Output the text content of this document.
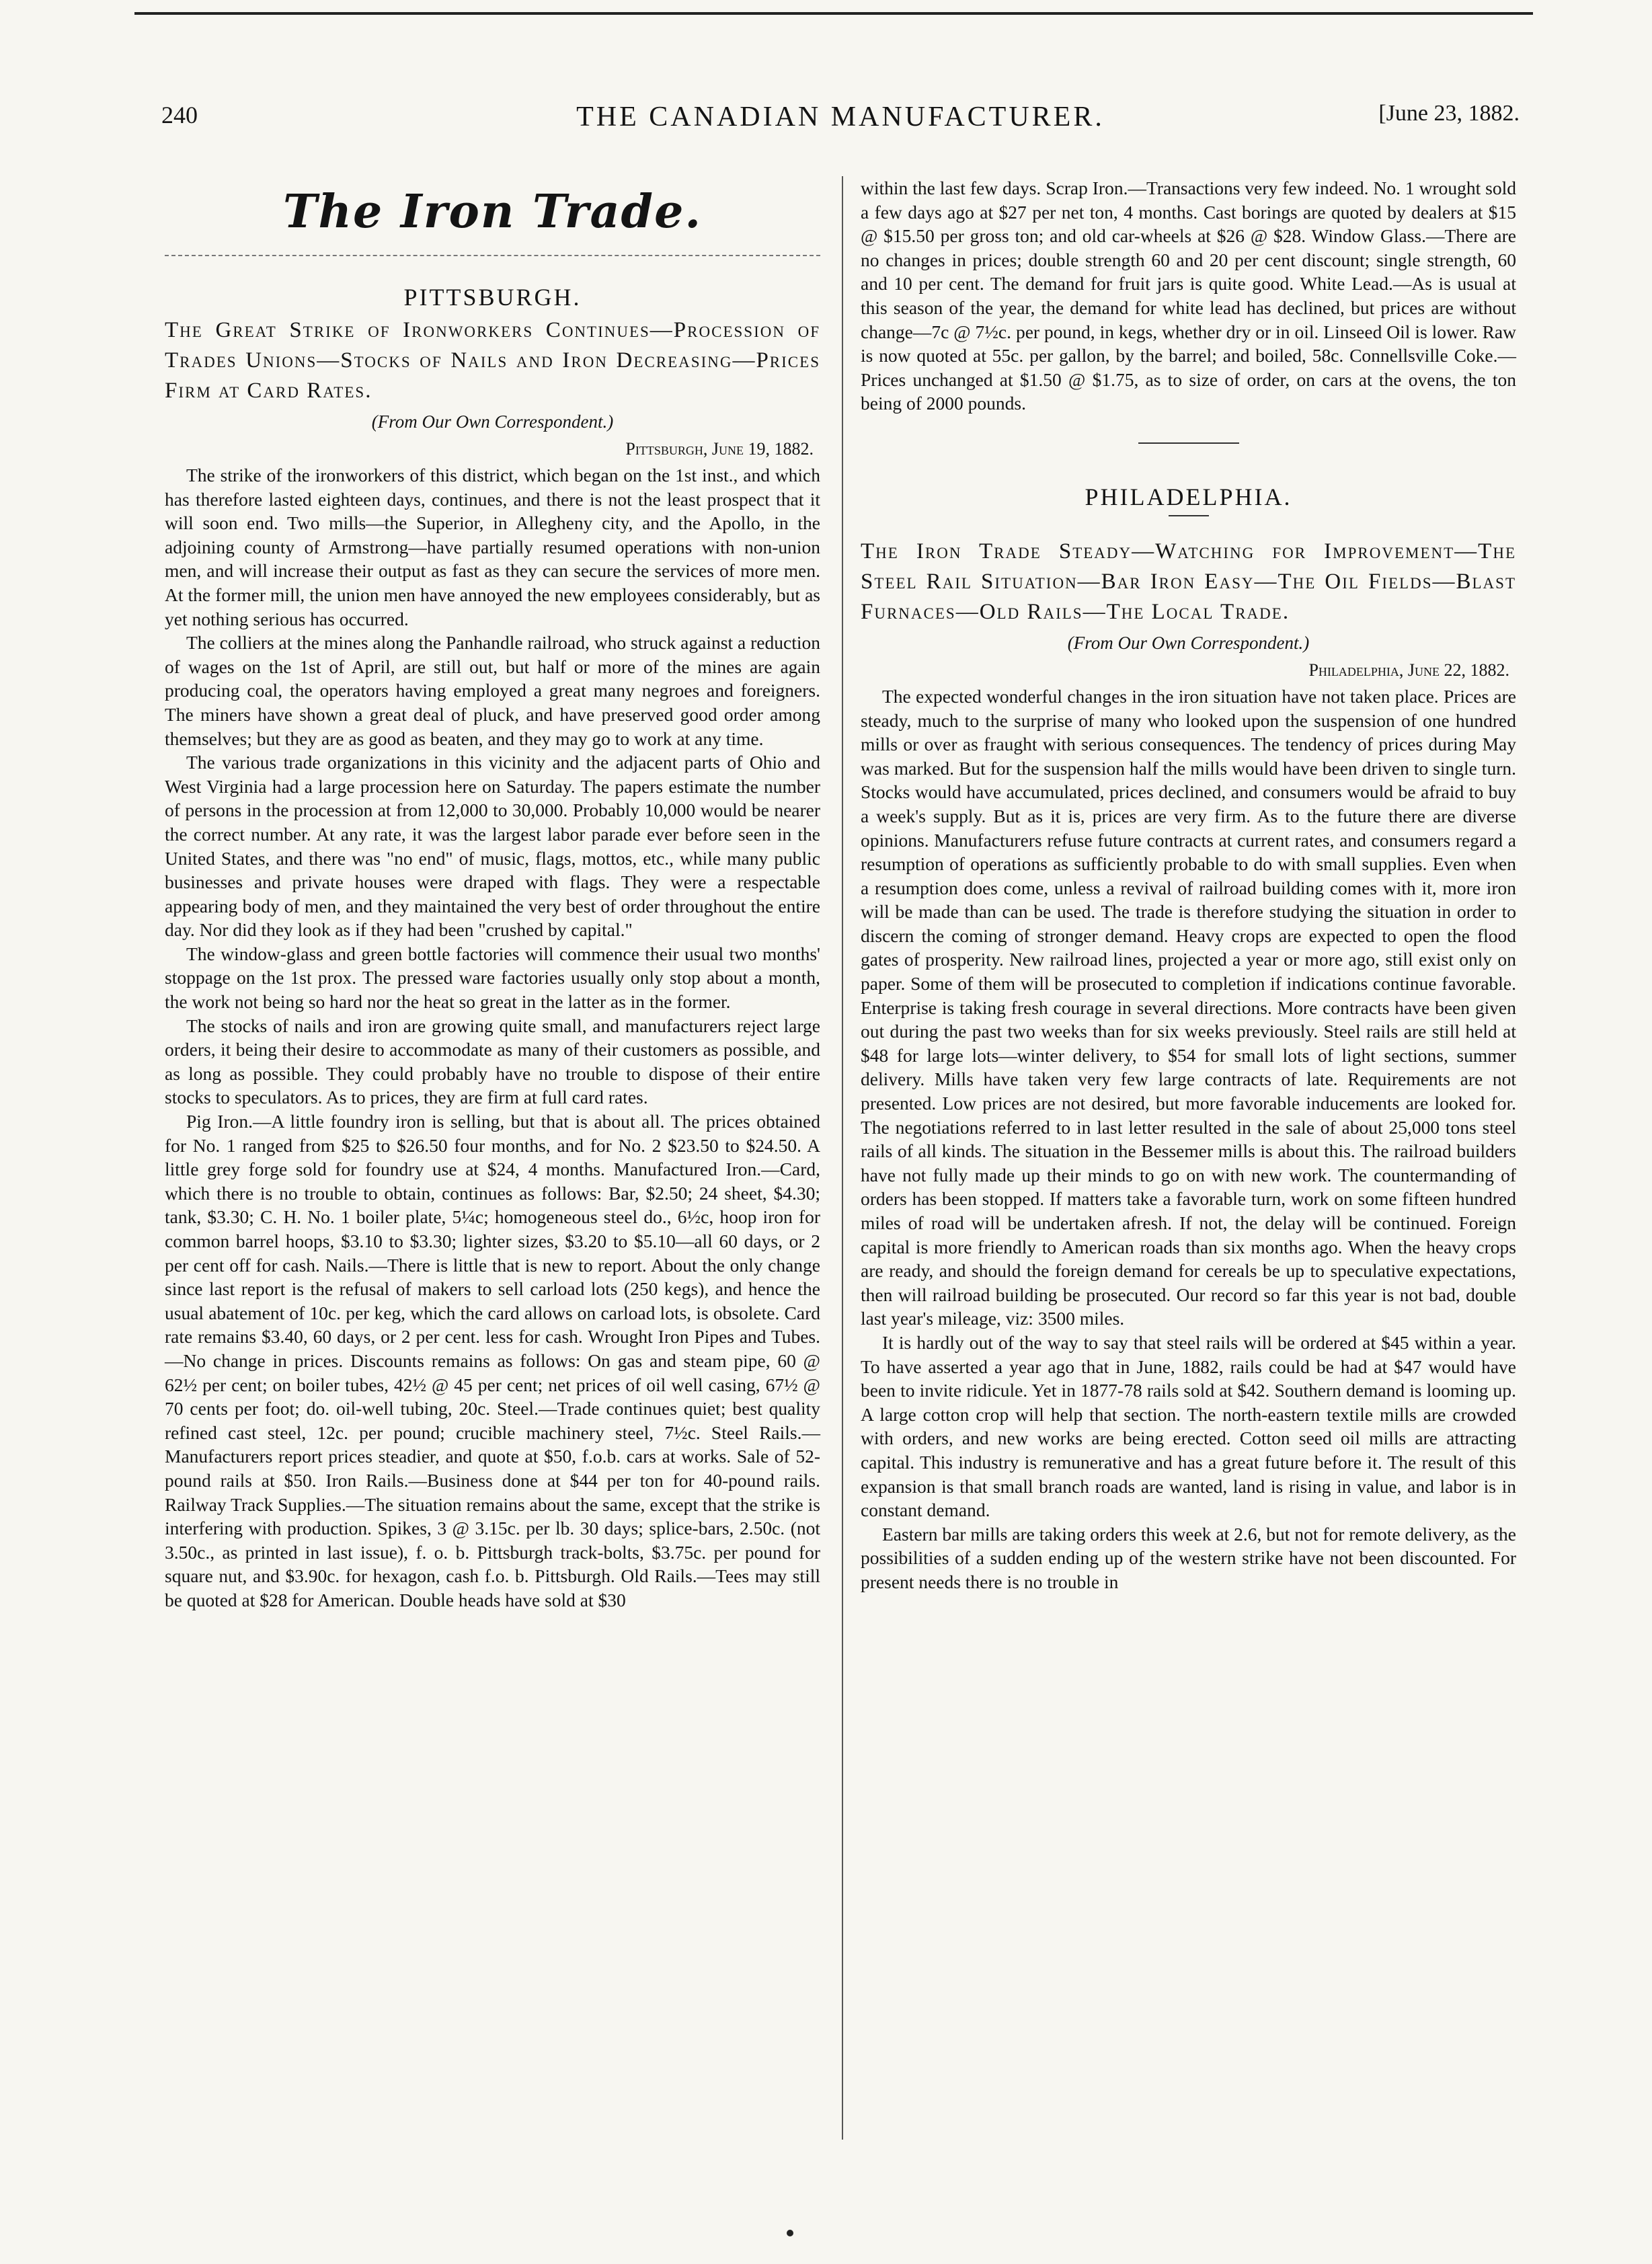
240	THE CANADIAN MANUFACTURER.	[June 23, 1882.
The Iron Trade.
PITTSBURGH.
The Great Strike of Ironworkers Continues—Procession of Trades Unions—Stocks of Nails and Iron Decreasing—Prices Firm at Card Rates.
(From Our Own Correspondent.)
Pittsburgh, June 19, 1882.

The strike of the ironworkers of this district, which began on the 1st inst., and which has therefore lasted eighteen days, continues, and there is not the least prospect that it will soon end. Two mills—the Superior, in Allegheny city, and the Apollo, in the adjoining county of Armstrong—have partially resumed operations with non-union men, and will increase their output as fast as they can secure the services of more men. At the former mill, the union men have annoyed the new employees considerably, but as yet nothing serious has occurred.

The colliers at the mines along the Panhandle railroad, who struck against a reduction of wages on the 1st of April, are still out, but half or more of the mines are again producing coal, the operators having employed a great many negroes and foreigners. The miners have shown a great deal of pluck, and have preserved good order among themselves; but they are as good as beaten, and they may go to work at any time.

The various trade organizations in this vicinity and the adjacent parts of Ohio and West Virginia had a large procession here on Saturday. The papers estimate the number of persons in the procession at from 12,000 to 30,000. Probably 10,000 would be nearer the correct number. At any rate, it was the largest labor parade ever before seen in the United States, and there was "no end" of music, flags, mottos, etc., while many public businesses and private houses were draped with flags. They were a respectable appearing body of men, and they maintained the very best of order throughout the entire day. Nor did they look as if they had been "crushed by capital."

The window-glass and green bottle factories will commence their usual two months' stoppage on the 1st prox. The pressed ware factories usually only stop about a month, the work not being so hard nor the heat so great in the latter as in the former.

The stocks of nails and iron are growing quite small, and manufacturers reject large orders, it being their desire to accommodate as many of their customers as possible, and as long as possible. They could probably have no trouble to dispose of their entire stocks to speculators. As to prices, they are firm at full card rates.

Pig Iron.—A little foundry iron is selling, but that is about all. The prices obtained for No. 1 ranged from $25 to $26.50 four months, and for No. 2 $23.50 to $24.50. A little grey forge sold for foundry use at $24, 4 months. Manufactured Iron.—Card, which there is no trouble to obtain, continues as follows: Bar, $2.50; 24 sheet, $4.30; tank, $3.30; C. H. No. 1 boiler plate, 5¼c; homogeneous steel do., 6½c, hoop iron for common barrel hoops, $3.10 to $3.30; lighter sizes, $3.20 to $5.10—all 60 days, or 2 per cent off for cash. Nails.—There is little that is new to report. About the only change since last report is the refusal of makers to sell carload lots (250 kegs), and hence the usual abatement of 10c. per keg, which the card allows on carload lots, is obsolete. Card rate remains $3.40, 60 days, or 2 per cent. less for cash. Wrought Iron Pipes and Tubes.—No change in prices. Discounts remains as follows: On gas and steam pipe, 60 @ 62½ per cent; on boiler tubes, 42½ @ 45 per cent; net prices of oil well casing, 67½ @ 70 cents per foot; do. oil-well tubing, 20c. Steel.—Trade continues quiet; best quality refined cast steel, 12c. per pound; crucible machinery steel, 7½c. Steel Rails.—Manufacturers report prices steadier, and quote at $50, f.o.b. cars at works. Sale of 52-pound rails at $50. Iron Rails.—Business done at $44 per ton for 40-pound rails. Railway Track Supplies.—The situation remains about the same, except that the strike is interfering with production. Spikes, 3 @ 3.15c. per lb. 30 days; splice-bars, 2.50c. (not 3.50c., as printed in last issue), f. o. b. Pittsburgh track-bolts, $3.75c. per pound for square nut, and $3.90c. for hexagon, cash f.o. b. Pittsburgh. Old Rails.—Tees may still be quoted at $28 for American. Double heads have sold at $30

within the last few days. Scrap Iron.—Transactions very few indeed. No. 1 wrought sold a few days ago at $27 per net ton, 4 months. Cast borings are quoted by dealers at $15 @ $15.50 per gross ton; and old car-wheels at $26 @ $28. Window Glass.—There are no changes in prices; double strength 60 and 20 per cent discount; single strength, 60 and 10 per cent. The demand for fruit jars is quite good. White Lead.—As is usual at this season of the year, the demand for white lead has declined, but prices are without change—7c @ 7½c. per pound, in kegs, whether dry or in oil. Linseed Oil is lower. Raw is now quoted at 55c. per gallon, by the barrel; and boiled, 58c. Connellsville Coke.—Prices unchanged at $1.50 @ $1.75, as to size of order, on cars at the ovens, the ton being of 2000 pounds.

PHILADELPHIA.
The Iron Trade Steady—Watching for Improvement—The Steel Rail Situation—Bar Iron Easy—The Oil Fields—Blast Furnaces—Old Rails—The Local Trade.
(From Our Own Correspondent.)
Philadelphia, June 22, 1882.

The expected wonderful changes in the iron situation have not taken place. Prices are steady, much to the surprise of many who looked upon the suspension of one hundred mills or over as fraught with serious consequences. The tendency of prices during May was marked. But for the suspension half the mills would have been driven to single turn. Stocks would have accumulated, prices declined, and consumers would be afraid to buy a week's supply. But as it is, prices are very firm. As to the future there are diverse opinions. Manufacturers refuse future contracts at current rates, and consumers regard a resumption of operations as sufficiently probable to do with small supplies. Even when a resumption does come, unless a revival of railroad building comes with it, more iron will be made than can be used. The trade is therefore studying the situation in order to discern the coming of stronger demand. Heavy crops are expected to open the flood gates of prosperity. New railroad lines, projected a year or more ago, still exist only on paper. Some of them will be prosecuted to completion if indications continue favorable. Enterprise is taking fresh courage in several directions. More contracts have been given out during the past two weeks than for six weeks previously. Steel rails are still held at $48 for large lots—winter delivery, to $54 for small lots of light sections, summer delivery. Mills have taken very few large contracts of late. Requirements are not presented. Low prices are not desired, but more favorable inducements are looked for. The negotiations referred to in last letter resulted in the sale of about 25,000 tons steel rails of all kinds. The situation in the Bessemer mills is about this. The railroad builders have not fully made up their minds to go on with new work. The countermanding of orders has been stopped. If matters take a favorable turn, work on some fifteen hundred miles of road will be undertaken afresh. If not, the delay will be continued. Foreign capital is more friendly to American roads than six months ago. When the heavy crops are ready, and should the foreign demand for cereals be up to speculative expectations, then will railroad building be prosecuted. Our record so far this year is not bad, double last year's mileage, viz: 3500 miles.

It is hardly out of the way to say that steel rails will be ordered at $45 within a year. To have asserted a year ago that in June, 1882, rails could be had at $47 would have been to invite ridicule. Yet in 1877-78 rails sold at $42. Southern demand is looming up. A large cotton crop will help that section. The north-eastern textile mills are crowded with orders, and new works are being erected. Cotton seed oil mills are attracting capital. This industry is remunerative and has a great future before it. The result of this expansion is that small branch roads are wanted, land is rising in value, and labor is in constant demand.

Eastern bar mills are taking orders this week at 2.6, but not for remote delivery, as the possibilities of a sudden ending up of the western strike have not been discounted. For present needs there is no trouble in
